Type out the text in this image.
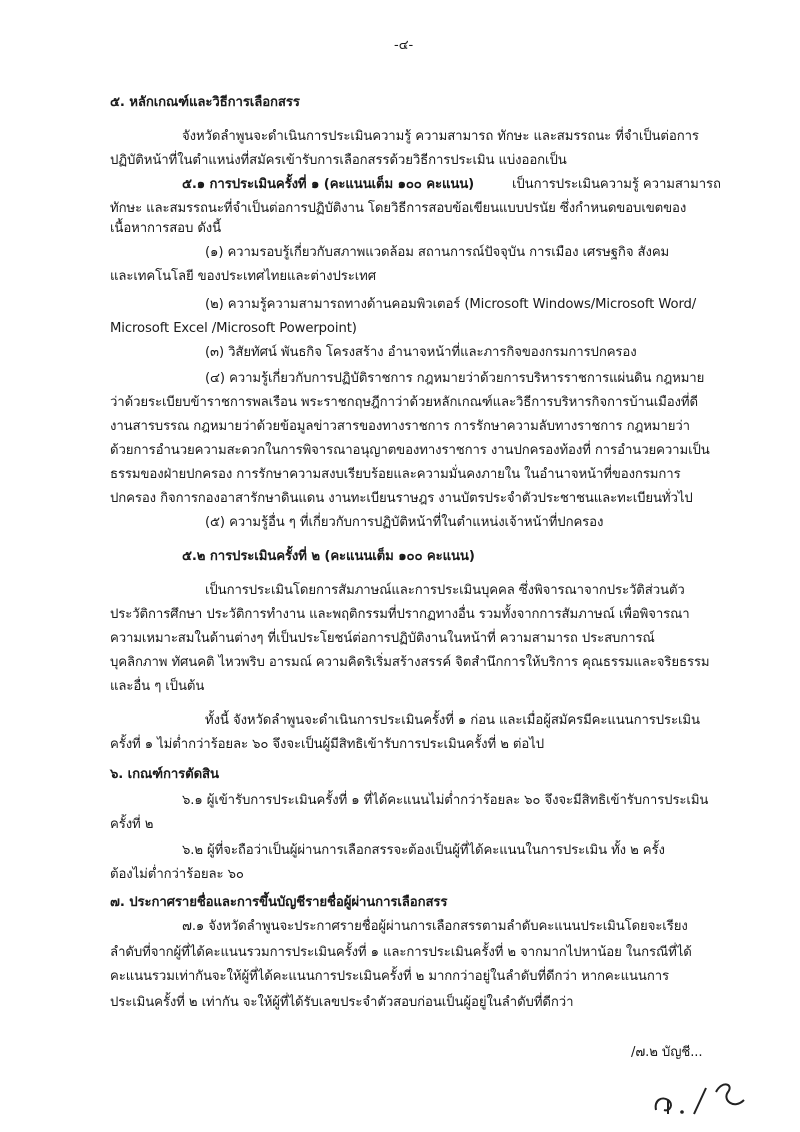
-๔-
๕. หลักเกณฑ์และวิธีการเลือกสรร
จังหวัดลำพูนจะดำเนินการประเมินความรู้ ความสามารถ ทักษะ และสมรรถนะ ที่จำเป็นต่อการ
ปฏิบัติหน้าที่ในตำแหน่งที่สมัครเข้ารับการเลือกสรรด้วยวิธีการประเมิน แบ่งออกเป็น
๕.๑ การประเมินครั้งที่ ๑ (คะแนนเต็ม ๑๐๐ คะแนน)	เป็นการประเมินความรู้ ความสามารถ
ทักษะ และสมรรถนะที่จำเป็นต่อการปฏิบัติงาน โดยวิธีการสอบข้อเขียนแบบปรนัย ซึ่งกำหนดขอบเขตของ
เนื้อหาการสอบ ดังนี้
(๑) ความรอบรู้เกี่ยวกับสภาพแวดล้อม สถานการณ์ปัจจุบัน การเมือง เศรษฐกิจ สังคม
และเทคโนโลยี ของประเทศไทยและต่างประเทศ
(๒) ความรู้ความสามารถทางด้านคอมพิวเตอร์ (Microsoft Windows/Microsoft Word/
Microsoft Excel /Microsoft Powerpoint)
(๓) วิสัยทัศน์ พันธกิจ โครงสร้าง อำนาจหน้าที่และภารกิจของกรมการปกครอง
(๔) ความรู้เกี่ยวกับการปฏิบัติราชการ กฎหมายว่าด้วยการบริหารราชการแผ่นดิน กฎหมาย
ว่าด้วยระเบียบข้าราชการพลเรือน พระราชกฤษฎีกาว่าด้วยหลักเกณฑ์และวิธีการบริหารกิจการบ้านเมืองที่ดี
งานสารบรรณ กฎหมายว่าด้วยข้อมูลข่าวสารของทางราชการ การรักษาความลับทางราชการ กฎหมายว่า
ด้วยการอำนวยความสะดวกในการพิจารณาอนุญาตของทางราชการ งานปกครองท้องที่ การอำนวยความเป็น
ธรรมของฝ่ายปกครอง การรักษาความสงบเรียบร้อยและความมั่นคงภายใน ในอำนาจหน้าที่ของกรมการ
ปกครอง กิจการกองอาสารักษาดินแดน งานทะเบียนราษฎร งานบัตรประจำตัวประชาชนและทะเบียนทั่วไป
(๕) ความรู้อื่น ๆ ที่เกี่ยวกับการปฏิบัติหน้าที่ในตำแหน่งเจ้าหน้าที่ปกครอง
๕.๒ การประเมินครั้งที่ ๒ (คะแนนเต็ม ๑๐๐ คะแนน)
เป็นการประเมินโดยการสัมภาษณ์และการประเมินบุคคล ซึ่งพิจารณาจากประวัติส่วนตัว
ประวัติการศึกษา ประวัติการทำงาน และพฤติกรรมที่ปรากฏทางอื่น รวมทั้งจากการสัมภาษณ์ เพื่อพิจารณา
ความเหมาะสมในด้านต่างๆ ที่เป็นประโยชน์ต่อการปฏิบัติงานในหน้าที่ ความสามารถ ประสบการณ์
บุคลิกภาพ ทัศนคติ ไหวพริบ อารมณ์ ความคิดริเริ่มสร้างสรรค์ จิตสำนึกการให้บริการ คุณธรรมและจริยธรรม
และอื่น ๆ เป็นต้น
ทั้งนี้ จังหวัดลำพูนจะดำเนินการประเมินครั้งที่ ๑ ก่อน และเมื่อผู้สมัครมีคะแนนการประเมิน
ครั้งที่ ๑ ไม่ต่ำกว่าร้อยละ ๖๐ จึงจะเป็นผู้มีสิทธิเข้ารับการประเมินครั้งที่ ๒ ต่อไป
๖. เกณฑ์การตัดสิน
๖.๑ ผู้เข้ารับการประเมินครั้งที่ ๑ ที่ได้คะแนนไม่ต่ำกว่าร้อยละ ๖๐ จึงจะมีสิทธิเข้ารับการประเมิน
ครั้งที่ ๒
๖.๒ ผู้ที่จะถือว่าเป็นผู้ผ่านการเลือกสรรจะต้องเป็นผู้ที่ได้คะแนนในการประเมิน ทั้ง ๒ ครั้ง
ต้องไม่ต่ำกว่าร้อยละ ๖๐
๗. ประกาศรายชื่อและการขึ้นบัญชีรายชื่อผู้ผ่านการเลือกสรร
๗.๑ จังหวัดลำพูนจะประกาศรายชื่อผู้ผ่านการเลือกสรรตามลำดับคะแนนประเมินโดยจะเรียง
ลำดับที่จากผู้ที่ได้คะแนนรวมการประเมินครั้งที่ ๑ และการประเมินครั้งที่ ๒ จากมากไปหาน้อย ในกรณีที่ได้
คะแนนรวมเท่ากันจะให้ผู้ที่ได้คะแนนการประเมินครั้งที่ ๒ มากกว่าอยู่ในลำดับที่ดีกว่า หากคะแนนการ
ประเมินครั้งที่ ๒ เท่ากัน จะให้ผู้ที่ได้รับเลขประจำตัวสอบก่อนเป็นผู้อยู่ในลำดับที่ดีกว่า
/๗.๒ บัญชี...
